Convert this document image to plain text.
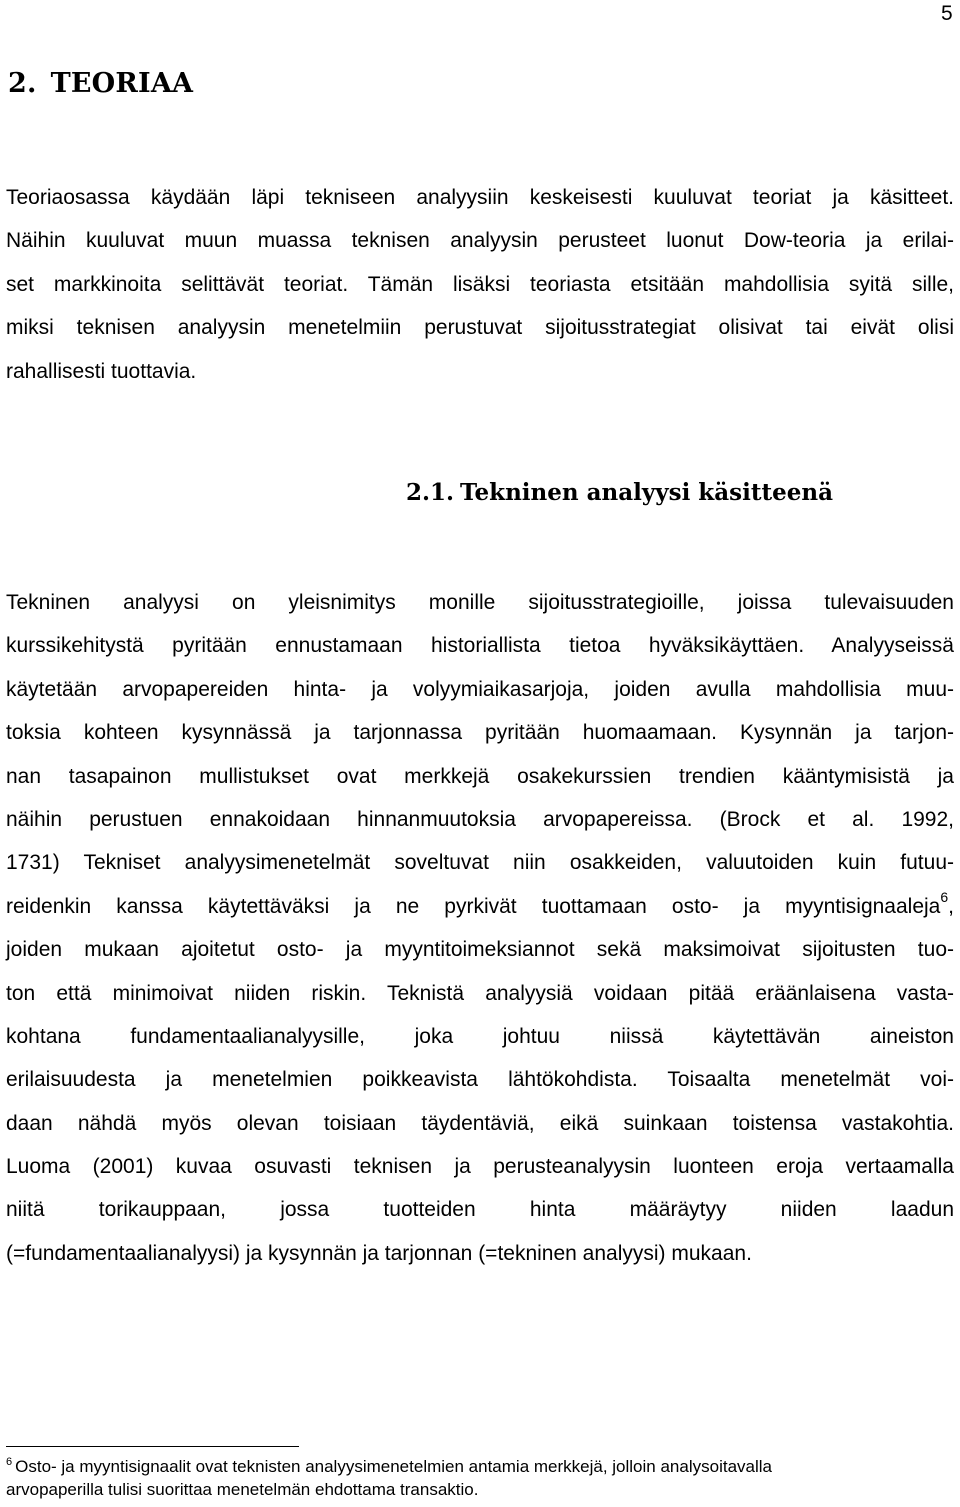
5
2. TEORIAA
Teoriaosassa käydään läpi tekniseen analyysiin keskeisesti kuuluvat teoriat ja käsitteet.
Näihin kuuluvat muun muassa teknisen analyysin perusteet luonut Dow-teoria ja erilai-
set markkinoita selittävät teoriat. Tämän lisäksi teoriasta etsitään mahdollisia syitä sille,
miksi teknisen analyysin menetelmiin perustuvat sijoitusstrategiat olisivat tai eivät olisi
rahallisesti tuottavia.
2.1. Tekninen analyysi käsitteenä
Tekninen analyysi on yleisnimitys monille sijoitusstrategioille, joissa tulevaisuuden
kurssikehitystä pyritään ennustamaan historiallista tietoa hyväksikäyttäen. Analyyseissä
käytetään arvopapereiden hinta- ja volyymiaikasarjoja, joiden avulla mahdollisia muu-
toksia kohteen kysynnässä ja tarjonnassa pyritään huomaamaan. Kysynnän ja tarjon-
nan tasapainon mullistukset ovat merkkejä osakekurssien trendien kääntymisistä ja
näihin perustuen ennakoidaan hinnanmuutoksia arvopapereissa. (Brock et al. 1992,
1731) Tekniset analyysimenetelmät soveltuvat niin osakkeiden, valuutoiden kuin futuu-
reidenkin kanssa käytettäväksi ja ne pyrkivät tuottamaan osto- ja myyntisignaaleja$^6$,
joiden mukaan ajoitetut osto- ja myyntitoimeksiannot sekä maksimoivat sijoitusten tuo-
ton että minimoivat niiden riskin. Teknistä analyysiä voidaan pitää eräänlaisena vasta-
kohtana fundamentaalianalyysille, joka johtuu niissä käytettävän aineiston
erilaisuudesta ja menetelmien poikkeavista lähtökohdista. Toisaalta menetelmät voi-
daan nähdä myös olevan toisiaan täydentäviä, eikä suinkaan toistensa vastakohtia.
Luoma (2001) kuvaa osuvasti teknisen ja perusteanalyysin luonteen eroja vertaamalla
niitä torikauppaan, jossa tuotteiden hinta määräytyy niiden laadun
(=fundamentaalianalyysi) ja kysynnän ja tarjonnan (=tekninen analyysi) mukaan.
$^6$ Osto- ja myyntisignaalit ovat teknisten analyysimenetelmien antamia merkkejä, jolloin analysoitavalla
arvopaperilla tulisi suorittaa menetelmän ehdottama transaktio.
